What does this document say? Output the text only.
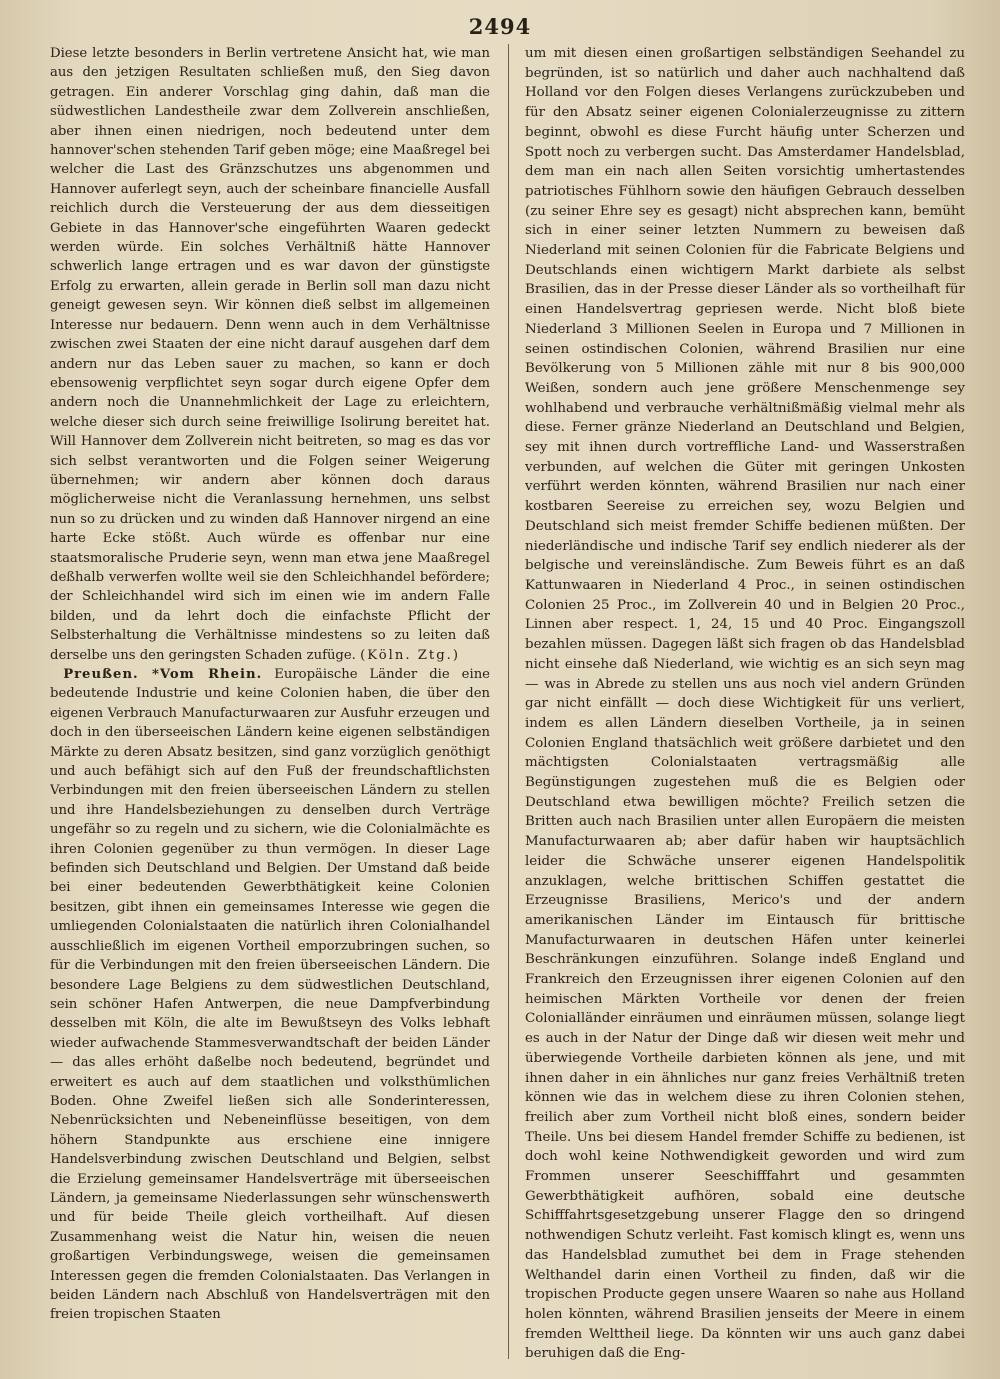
2494

Diese letzte besonders in Berlin vertretene Ansicht hat, wie man aus den jetzigen Resultaten schließen muß, den Sieg davon getragen. Ein anderer Vorschlag ging dahin, daß man die südwestlichen Landestheile zwar dem Zollverein anschließen, aber ihnen einen niedrigen, noch bedeutend unter dem hannover'schen stehenden Tarif geben möge; eine Maaßregel bei welcher die Last des Gränzschutzes uns abgenommen und Hannover auferlegt seyn, auch der scheinbare financielle Ausfall reichlich durch die Versteuerung der aus dem diesseitigen Gebiete in das Hannover'sche eingeführten Waaren gedeckt werden würde. Ein solches Verhältniß hätte Hannover schwerlich lange ertragen und es war davon der günstigste Erfolg zu erwarten, allein gerade in Berlin soll man dazu nicht geneigt gewesen seyn. Wir können dieß selbst im allgemeinen Interesse nur bedauern. Denn wenn auch in dem Verhältnisse zwischen zwei Staaten der eine nicht darauf ausgehen darf dem andern nur das Leben sauer zu machen, so kann er doch ebensowenig verpflichtet seyn sogar durch eigene Opfer dem andern noch die Unannehmlichkeit der Lage zu erleichtern, welche dieser sich durch seine freiwillige Isolirung bereitet hat. Will Hannover dem Zollverein nicht beitreten, so mag es das vor sich selbst verantworten und die Folgen seiner Weigerung übernehmen; wir andern aber können doch daraus möglicherweise nicht die Veranlassung hernehmen, uns selbst nun so zu drücken und zu winden daß Hannover nirgend an eine harte Ecke stößt. Auch würde es offenbar nur eine staatsmoralische Pruderie seyn, wenn man etwa jene Maaßregel deßhalb verwerfen wollte weil sie den Schleichhandel befördere; der Schleichhandel wird sich im einen wie im andern Falle bilden, und da lehrt doch die einfachste Pflicht der Selbsterhaltung die Verhältnisse mindestens so zu leiten daß derselbe uns den geringsten Schaden zufüge. (Köln. Ztg.)

 Preußen. *Vom Rhein. Europäische Länder die eine bedeutende Industrie und keine Colonien haben, die über den eigenen Verbrauch Manufacturwaaren zur Ausfuhr erzeugen und doch in den überseeischen Ländern keine eigenen selbständigen Märkte zu deren Absatz besitzen, sind ganz vorzüglich genöthigt und auch befähigt sich auf den Fuß der freundschaftlichsten Verbindungen mit den freien überseeischen Ländern zu stellen und ihre Handelsbeziehungen zu denselben durch Verträge ungefähr so zu regeln und zu sichern, wie die Colonialmächte es ihren Colonien gegenüber zu thun vermögen. In dieser Lage befinden sich Deutschland und Belgien. Der Umstand daß beide bei einer bedeutenden Gewerbthätigkeit keine Colonien besitzen, gibt ihnen ein gemeinsames Interesse wie gegen die umliegenden Colonialstaaten die natürlich ihren Colonialhandel ausschließlich im eigenen Vortheil emporzubringen suchen, so für die Verbindungen mit den freien überseeischen Ländern. Die besondere Lage Belgiens zu dem südwestlichen Deutschland, sein schöner Hafen Antwerpen, die neue Dampfverbindung desselben mit Köln, die alte im Bewußtseyn des Volks lebhaft wieder aufwachende Stammesverwandtschaft der beiden Länder — das alles erhöht daßelbe noch bedeutend, begründet und erweitert es auch auf dem staatlichen und volksthümlichen Boden. Ohne Zweifel ließen sich alle Sonderinteressen, Nebenrücksichten und Nebeneinflüsse beseitigen, von dem höhern Standpunkte aus erschiene eine innigere Handelsverbindung zwischen Deutschland und Belgien, selbst die Erzielung gemeinsamer Handelsverträge mit überseeischen Ländern, ja gemeinsame Niederlassungen sehr wünschenswerth und für beide Theile gleich vortheilhaft. Auf diesen Zusammenhang weist die Natur hin, weisen die neuen großartigen Verbindungswege, weisen die gemeinsamen Interessen gegen die fremden Colonialstaaten. Das Verlangen in beiden Ländern nach Abschluß von Handelsverträgen mit den freien tropischen Staaten

um mit diesen einen großartigen selbständigen Seehandel zu begründen, ist so natürlich und daher auch nachhaltend daß Holland vor den Folgen dieses Verlangens zurückzubeben und für den Absatz seiner eigenen Colonialerzeugnisse zu zittern beginnt, obwohl es diese Furcht häufig unter Scherzen und Spott noch zu verbergen sucht. Das Amsterdamer Handelsblad, dem man ein nach allen Seiten vorsichtig umhertastendes patriotisches Fühlhorn sowie den häufigen Gebrauch desselben (zu seiner Ehre sey es gesagt) nicht absprechen kann, bemüht sich in einer seiner letzten Nummern zu beweisen daß Niederland mit seinen Colonien für die Fabricate Belgiens und Deutschlands einen wichtigern Markt darbiete als selbst Brasilien, das in der Presse dieser Länder als so vortheilhaft für einen Handelsvertrag gepriesen werde. Nicht bloß biete Niederland 3 Millionen Seelen in Europa und 7 Millionen in seinen ostindischen Colonien, während Brasilien nur eine Bevölkerung von 5 Millionen zähle mit nur 8 bis 900,000 Weißen, sondern auch jene größere Menschenmenge sey wohlhabend und verbrauche verhältnißmäßig vielmal mehr als diese. Ferner gränze Niederland an Deutschland und Belgien, sey mit ihnen durch vortreffliche Land- und Wasserstraßen verbunden, auf welchen die Güter mit geringen Unkosten verführt werden könnten, während Brasilien nur nach einer kostbaren Seereise zu erreichen sey, wozu Belgien und Deutschland sich meist fremder Schiffe bedienen müßten. Der niederländische und indische Tarif sey endlich niederer als der belgische und vereinsländische. Zum Beweis führt es an daß Kattunwaaren in Niederland 4 Proc., in seinen ostindischen Colonien 25 Proc., im Zollverein 40 und in Belgien 20 Proc., Linnen aber respect. 1, 24, 15 und 40 Proc. Eingangszoll bezahlen müssen. Dagegen läßt sich fragen ob das Handelsblad nicht einsehe daß Niederland, wie wichtig es an sich seyn mag — was in Abrede zu stellen uns aus noch viel andern Gründen gar nicht einfällt — doch diese Wichtigkeit für uns verliert, indem es allen Ländern dieselben Vortheile, ja in seinen Colonien England thatsächlich weit größere darbietet und den mächtigsten Colonialstaaten vertragsmäßig alle Begünstigungen zugestehen muß die es Belgien oder Deutschland etwa bewilligen möchte? Freilich setzen die Britten auch nach Brasilien unter allen Europäern die meisten Manufacturwaaren ab; aber dafür haben wir hauptsächlich leider die Schwäche unserer eigenen Handelspolitik anzuklagen, welche brittischen Schiffen gestattet die Erzeugnisse Brasiliens, Merico's und der andern amerikanischen Länder im Eintausch für brittische Manufacturwaaren in deutschen Häfen unter keinerlei Beschränkungen einzuführen. Solange indeß England und Frankreich den Erzeugnissen ihrer eigenen Colonien auf den heimischen Märkten Vortheile vor denen der freien Colonialländer einräumen und einräumen müssen, solange liegt es auch in der Natur der Dinge daß wir diesen weit mehr und überwiegende Vortheile darbieten können als jene, und mit ihnen daher in ein ähnliches nur ganz freies Verhältniß treten können wie das in welchem diese zu ihren Colonien stehen, freilich aber zum Vortheil nicht bloß eines, sondern beider Theile. Uns bei diesem Handel fremder Schiffe zu bedienen, ist doch wohl keine Nothwendigkeit geworden und wird zum Frommen unserer Seeschifffahrt und gesammten Gewerbthätigkeit aufhören, sobald eine deutsche Schifffahrtsgesetzgebung unserer Flagge den so dringend nothwendigen Schutz verleiht. Fast komisch klingt es, wenn uns das Handelsblad zumuthet bei dem in Frage stehenden Welthandel darin einen Vortheil zu finden, daß wir die tropischen Producte gegen unsere Waaren so nahe aus Holland holen könnten, während Brasilien jenseits der Meere in einem fremden Welttheil liege. Da könnten wir uns auch ganz dabei beruhigen daß die Eng-
